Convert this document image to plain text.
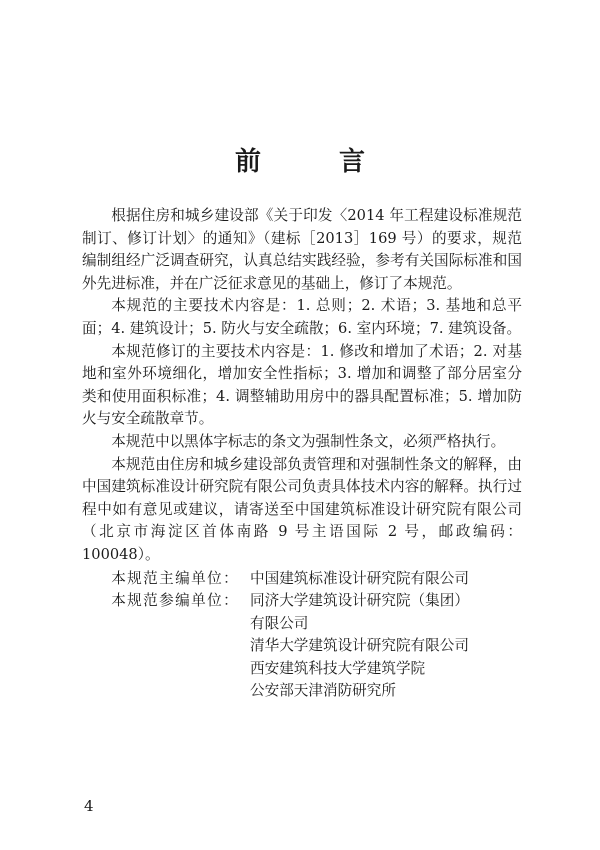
前　言

根据住房和城乡建设部《关于印发〈2014 年工程建设标准规范制订、修订计划〉的通知》（建标［2013］169 号）的要求，规范编制组经广泛调查研究，认真总结实践经验，参考有关国际标准和国外先进标准，并在广泛征求意见的基础上，修订了本规范。

本规范的主要技术内容是：1. 总则；2. 术语；3. 基地和总平面；4. 建筑设计；5. 防火与安全疏散；6. 室内环境；7. 建筑设备。

本规范修订的主要技术内容是：1. 修改和增加了术语；2. 对基地和室外环境细化，增加安全性指标；3. 增加和调整了部分居室分类和使用面积标准；4. 调整辅助用房中的器具配置标准；5. 增加防火与安全疏散章节。

本规范中以黑体字标志的条文为强制性条文，必须严格执行。

本规范由住房和城乡建设部负责管理和对强制性条文的解释，由中国建筑标准设计研究院有限公司负责具体技术内容的解释。执行过程中如有意见或建议，请寄送至中国建筑标准设计研究院有限公司（北京市海淀区首体南路 9 号主语国际 2 号，邮政编码：100048）。

本规范主编单位： 中国建筑标准设计研究院有限公司
本规范参编单位： 同济大学建筑设计研究院（集团）
有限公司
清华大学建筑设计研究院有限公司
西安建筑科技大学建筑学院
公安部天津消防研究所
4
